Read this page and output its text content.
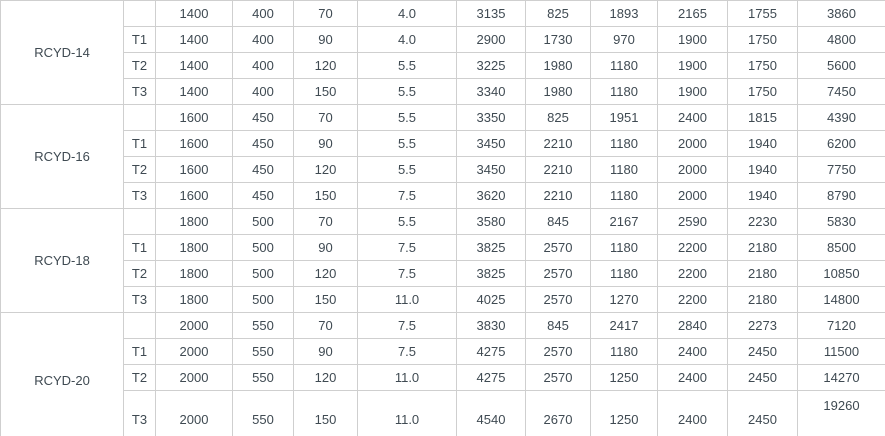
RCYD-14		1400	400	70	4.0	3135	825	1893	2165	1755	3860
	T1	1400	400	90	4.0	2900	1730	970	1900	1750	4800
	T2	1400	400	120	5.5	3225	1980	1180	1900	1750	5600
	T3	1400	400	150	5.5	3340	1980	1180	1900	1750	7450
RCYD-16		1600	450	70	5.5	3350	825	1951	2400	1815	4390
	T1	1600	450	90	5.5	3450	2210	1180	2000	1940	6200
	T2	1600	450	120	5.5	3450	2210	1180	2000	1940	7750
	T3	1600	450	150	7.5	3620	2210	1180	2000	1940	8790
RCYD-18		1800	500	70	5.5	3580	845	2167	2590	2230	5830
	T1	1800	500	90	7.5	3825	2570	1180	2200	2180	8500
	T2	1800	500	120	7.5	3825	2570	1180	2200	2180	10850
	T3	1800	500	150	11.0	4025	2570	1270	2200	2180	14800
RCYD-20		2000	550	70	7.5	3830	845	2417	2840	2273	7120
	T1	2000	550	90	7.5	4275	2570	1180	2400	2450	11500
	T2	2000	550	120	11.0	4275	2570	1250	2400	2450	14270
	T3	2000	550	150	11.0	4540	2670	1250	2400	2450	19260
